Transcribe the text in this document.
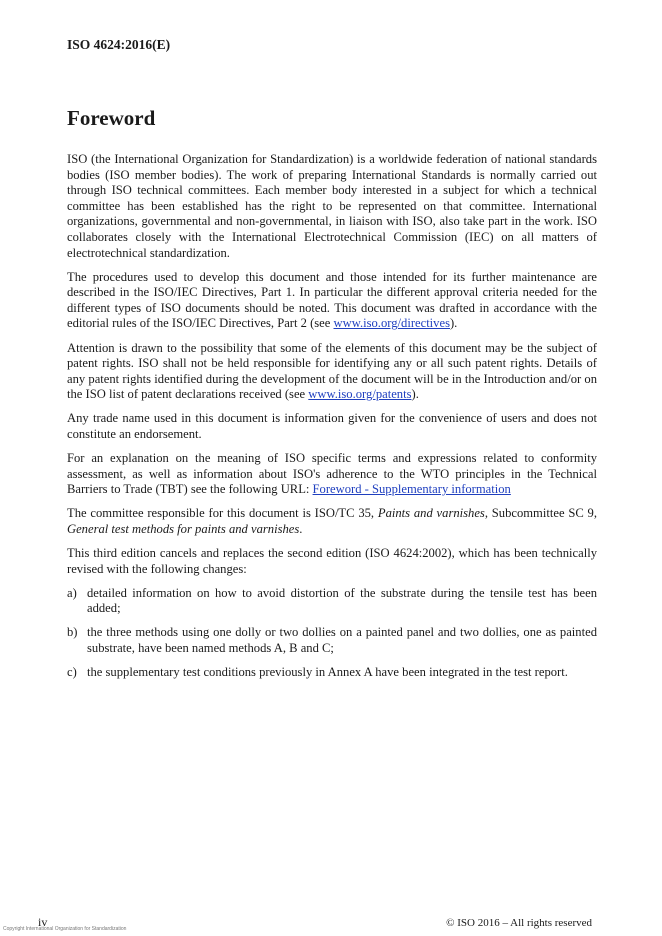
ISO 4624:2016(E)
Foreword

ISO (the International Organization for Standardization) is a worldwide federation of national standards bodies (ISO member bodies). The work of preparing International Standards is normally carried out through ISO technical committees. Each member body interested in a subject for which a technical committee has been established has the right to be represented on that committee. International organizations, governmental and non-governmental, in liaison with ISO, also take part in the work. ISO collaborates closely with the International Electrotechnical Commission (IEC) on all matters of electrotechnical standardization.

The procedures used to develop this document and those intended for its further maintenance are described in the ISO/IEC Directives, Part 1. In particular the different approval criteria needed for the different types of ISO documents should be noted. This document was drafted in accordance with the editorial rules of the ISO/IEC Directives, Part 2 (see www.iso.org/directives).

Attention is drawn to the possibility that some of the elements of this document may be the subject of patent rights. ISO shall not be held responsible for identifying any or all such patent rights. Details of any patent rights identified during the development of the document will be in the Introduction and/or on the ISO list of patent declarations received (see www.iso.org/patents).

Any trade name used in this document is information given for the convenience of users and does not constitute an endorsement.

For an explanation on the meaning of ISO specific terms and expressions related to conformity assessment, as well as information about ISO's adherence to the WTO principles in the Technical Barriers to Trade (TBT) see the following URL: Foreword - Supplementary information

The committee responsible for this document is ISO/TC 35, Paints and varnishes, Subcommittee SC 9, General test methods for paints and varnishes.

This third edition cancels and replaces the second edition (ISO 4624:2002), which has been technically revised with the following changes:

a) detailed information on how to avoid distortion of the substrate during the tensile test has been added;
b) the three methods using one dolly or two dollies on a painted panel and two dollies, one as painted substrate, have been named methods A, B and C;
c) the supplementary test conditions previously in Annex A have been integrated in the test report.
Copyright International Organization for Standardization
iv	© ISO 2016 – All rights reserved
